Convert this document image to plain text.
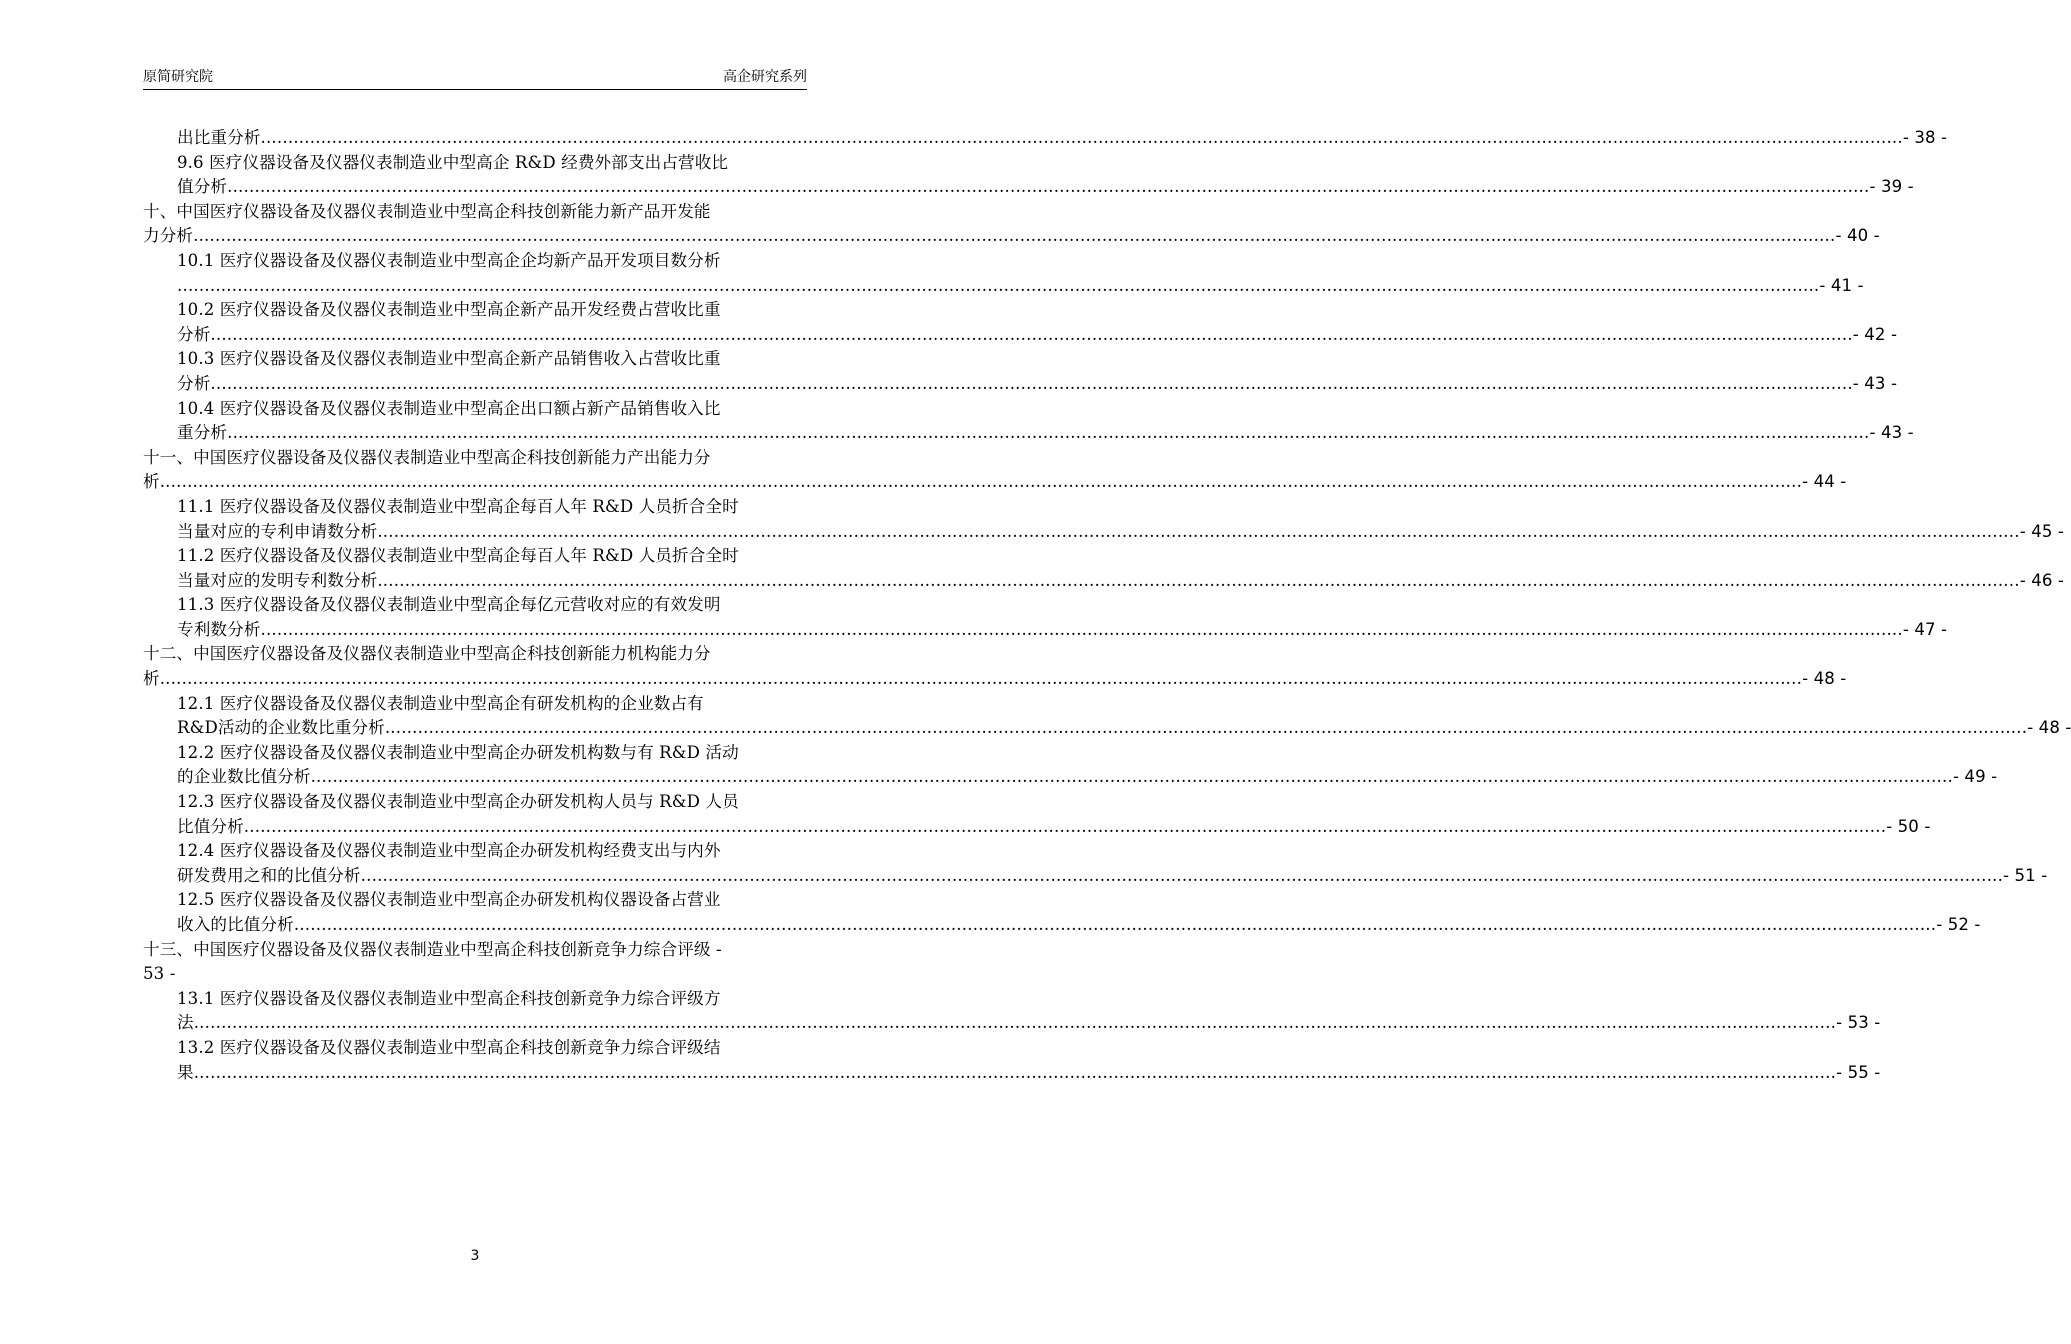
原简研究院	高企研究系列
出比重分析 ............................................................................................................................................................................................................................................................................................................ - 38 -
9.6 医疗仪器设备及仪器仪表制造业中型高企 R&D 经费外部支出占营收比
值分析 ............................................................................................................................................................................................................................................................................................................ - 39 -
十、中国医疗仪器设备及仪器仪表制造业中型高企科技创新能力新产品开发能
力分析 ............................................................................................................................................................................................................................................................................................................ - 40 -
10.1 医疗仪器设备及仪器仪表制造业中型高企企均新产品开发项目数分析
............................................................................................................................................................................................................................................................................................................ - 41 -
10.2 医疗仪器设备及仪器仪表制造业中型高企新产品开发经费占营收比重
分析 ............................................................................................................................................................................................................................................................................................................ - 42 -
10.3 医疗仪器设备及仪器仪表制造业中型高企新产品销售收入占营收比重
分析 ............................................................................................................................................................................................................................................................................................................ - 43 -
10.4 医疗仪器设备及仪器仪表制造业中型高企出口额占新产品销售收入比
重分析 ............................................................................................................................................................................................................................................................................................................ - 43 -
十一、中国医疗仪器设备及仪器仪表制造业中型高企科技创新能力产出能力分
析 ............................................................................................................................................................................................................................................................................................................ - 44 -
11.1 医疗仪器设备及仪器仪表制造业中型高企每百人年 R&D 人员折合全时
当量对应的专利申请数分析 ............................................................................................................................................................................................................................................................................................................ - 45 -
11.2 医疗仪器设备及仪器仪表制造业中型高企每百人年 R&D 人员折合全时
当量对应的发明专利数分析 ............................................................................................................................................................................................................................................................................................................ - 46 -
11.3 医疗仪器设备及仪器仪表制造业中型高企每亿元营收对应的有效发明
专利数分析 ............................................................................................................................................................................................................................................................................................................ - 47 -
十二、中国医疗仪器设备及仪器仪表制造业中型高企科技创新能力机构能力分
析 ............................................................................................................................................................................................................................................................................................................ - 48 -
12.1 医疗仪器设备及仪器仪表制造业中型高企有研发机构的企业数占有
R&D活动的企业数比重分析 ............................................................................................................................................................................................................................................................................................................ - 48 -
12.2 医疗仪器设备及仪器仪表制造业中型高企办研发机构数与有 R&D 活动
的企业数比值分析 ............................................................................................................................................................................................................................................................................................................ - 49 -
12.3 医疗仪器设备及仪器仪表制造业中型高企办研发机构人员与 R&D 人员
比值分析 ............................................................................................................................................................................................................................................................................................................ - 50 -
12.4 医疗仪器设备及仪器仪表制造业中型高企办研发机构经费支出与内外
研发费用之和的比值分析 ............................................................................................................................................................................................................................................................................................................ - 51 -
12.5 医疗仪器设备及仪器仪表制造业中型高企办研发机构仪器设备占营业
收入的比值分析 ............................................................................................................................................................................................................................................................................................................ - 52 -
十三、中国医疗仪器设备及仪器仪表制造业中型高企科技创新竞争力综合评级 -
53 -
13.1 医疗仪器设备及仪器仪表制造业中型高企科技创新竞争力综合评级方
法 ............................................................................................................................................................................................................................................................................................................ - 53 -
13.2 医疗仪器设备及仪器仪表制造业中型高企科技创新竞争力综合评级结
果 ............................................................................................................................................................................................................................................................................................................ - 55 -
3
